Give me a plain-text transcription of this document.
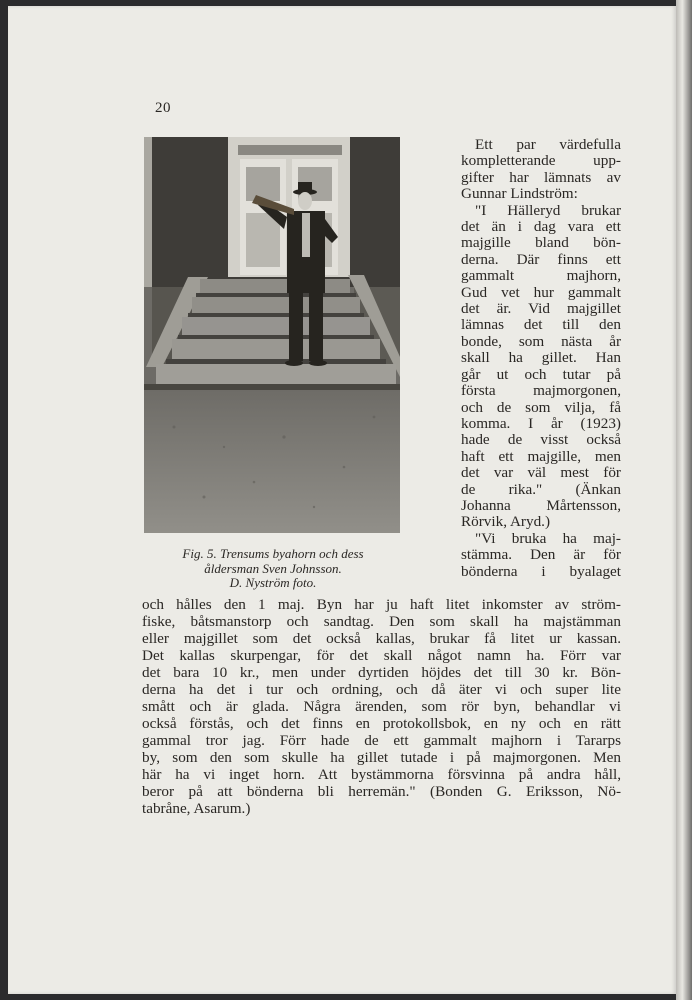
20
Fig. 5. Trensums byahorn och dess
åldersman Sven Johnsson.
D. Nyström foto.
Ett par värdefulla
kompletterande upp-
gifter har lämnats av
Gunnar Lindström:
"I Hälleryd brukar
det än i dag vara ett
majgille bland bön-
derna. Där finns ett
gammalt majhorn,
Gud vet hur gammalt
det är. Vid majgillet
lämnas det till den
bonde, som nästa år
skall ha gillet. Han
går ut och tutar på
första majmorgonen,
och de som vilja, få
komma. I år (1923)
hade de visst också
haft ett majgille, men
det var väl mest för
de rika." (Änkan
Johanna Mårtensson,
Rörvik, Aryd.)
"Vi bruka ha maj-
stämma. Den är för
bönderna i byalaget
och hålles den 1 maj. Byn har ju haft litet inkomster av ström-
fiske, båtsmanstorp och sandtag. Den som skall ha majstämman
eller majgillet som det också kallas, brukar få litet ur kassan.
Det kallas skurpengar, för det skall något namn ha. Förr var
det bara 10 kr., men under dyrtiden höjdes det till 30 kr. Bön-
derna ha det i tur och ordning, och då äter vi och super lite
smått och är glada. Några ärenden, som rör byn, behandlar vi
också förstås, och det finns en protokollsbok, en ny och en rätt
gammal tror jag. Förr hade de ett gammalt majhorn i Tararps
by, som den som skulle ha gillet tutade i på majmorgonen. Men
här ha vi inget horn. Att bystämmorna försvinna på andra håll,
beror på att bönderna bli herremän." (Bonden G. Eriksson, Nö-
tabråne, Asarum.)
